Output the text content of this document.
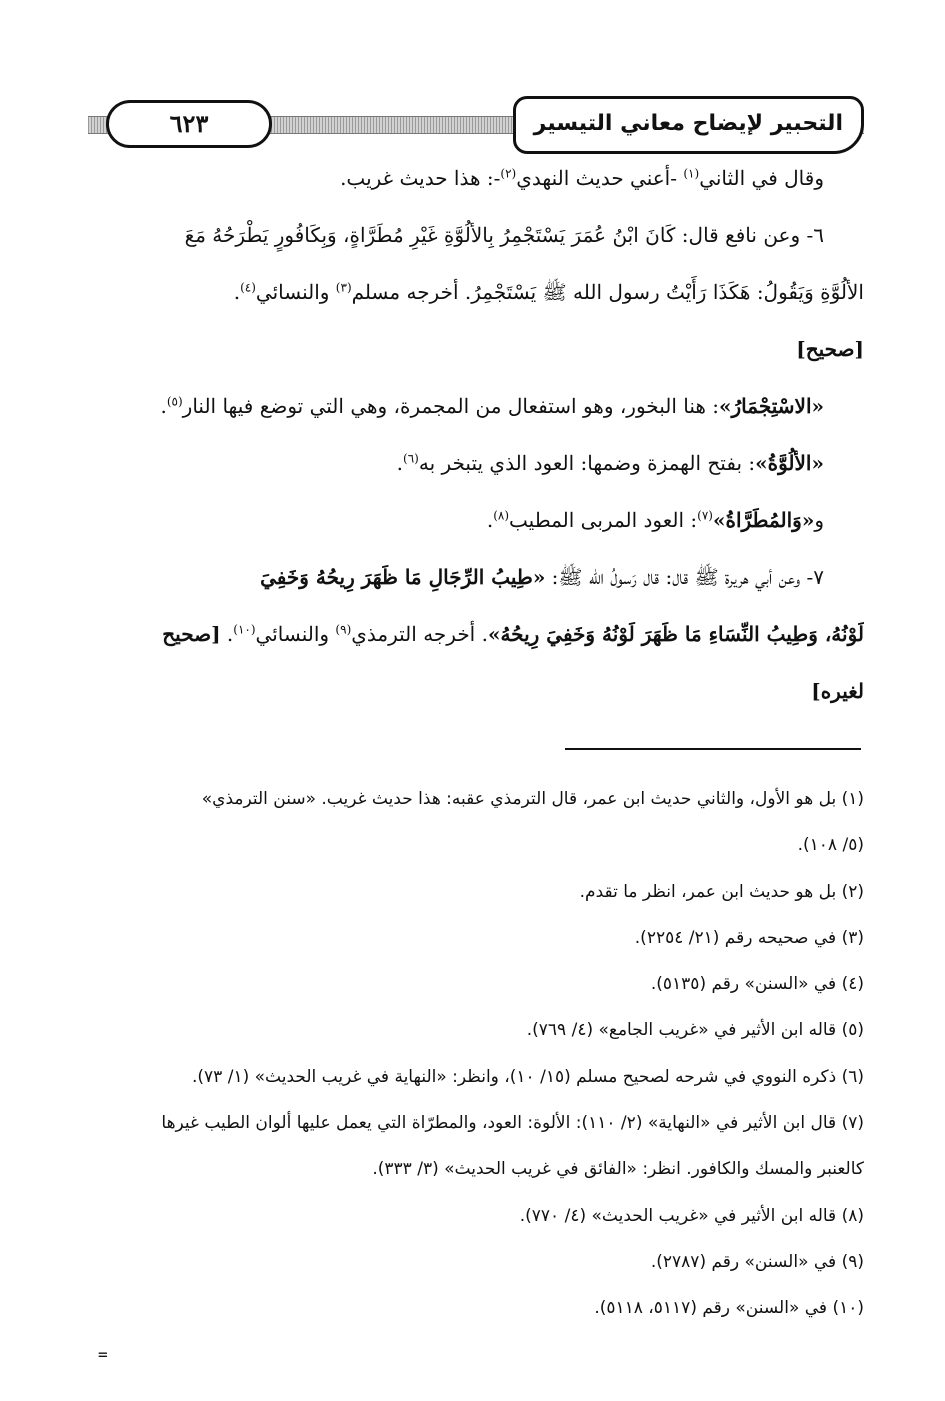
٦٢٣	التحبير لإيضاح معاني التيسير
وقال في الثاني$^{(١)}$ -أعني حديث النهدي$^{(٢)}$-: هذا حديث غريب.
٦- وعن نافع قال: كَانَ ابْنُ عُمَرَ يَسْتَجْمِرُ بِالألُوَّةِ غَيْرِ مُطَرَّاةٍ، وَبِكَافُورٍ يَطْرَحُهُ مَعَ
الألُوَّةِ وَيَقُولُ: هَكَذَا رَأَيْتُ رسول الله ﷺ يَسْتَجْمِرُ. أخرجه مسلم$^{(٣)}$ والنسائي$^{(٤)}$.
[صحيح]
«الاسْتِجْمَارُ»: هنا البخور، وهو استفعال من المجمرة، وهي التي توضع فيها النار$^{(٥)}$.
«الألُوَّةُ»: بفتح الهمزة وضمها: العود الذي يتبخر به$^{(٦)}$.
و«وَالمُطَرَّاةُ»$^{(٧)}$: العود المربى المطيب$^{(٨)}$.
٧- وعن أبي هريرة ﷺ قال: قال رَسولُ الله ﷺ: «طِيبُ الرِّجَالِ مَا ظَهَرَ رِيحُهُ وَخَفِيَ
لَوْنُهُ، وَطِيبُ النِّسَاءِ مَا ظَهَرَ لَوْنُهُ وَخَفِيَ رِيحُهُ». أخرجه الترمذي$^{(٩)}$ والنسائي$^{(١٠)}$. [صحيح
لغيره]
(١) بل هو الأول، والثاني حديث ابن عمر، قال الترمذي عقبه: هذا حديث غريب. «سنن الترمذي»
(٥/ ١٠٨).
(٢) بل هو حديث ابن عمر، انظر ما تقدم.
(٣) في صحيحه رقم (٢١/ ٢٢٥٤).
(٤) في «السنن» رقم (٥١٣٥).
(٥) قاله ابن الأثير في «غريب الجامع» (٤/ ٧٦٩).
(٦) ذكره النووي في شرحه لصحيح مسلم (١٥/ ١٠)، وانظر: «النهاية في غريب الحديث» (١/ ٧٣).
(٧) قال ابن الأثير في «النهاية» (٢/ ١١٠): الألوة: العود، والمطرّاة التي يعمل عليها ألوان الطيب غيرها
كالعنبر والمسك والكافور. انظر: «الفائق في غريب الحديث» (٣/ ٣٣٣).
(٨) قاله ابن الأثير في «غريب الحديث» (٤/ ٧٧٠).
(٩) في «السنن» رقم (٢٧٨٧).
(١٠) في «السنن» رقم (٥١١٧، ٥١١٨).
=
